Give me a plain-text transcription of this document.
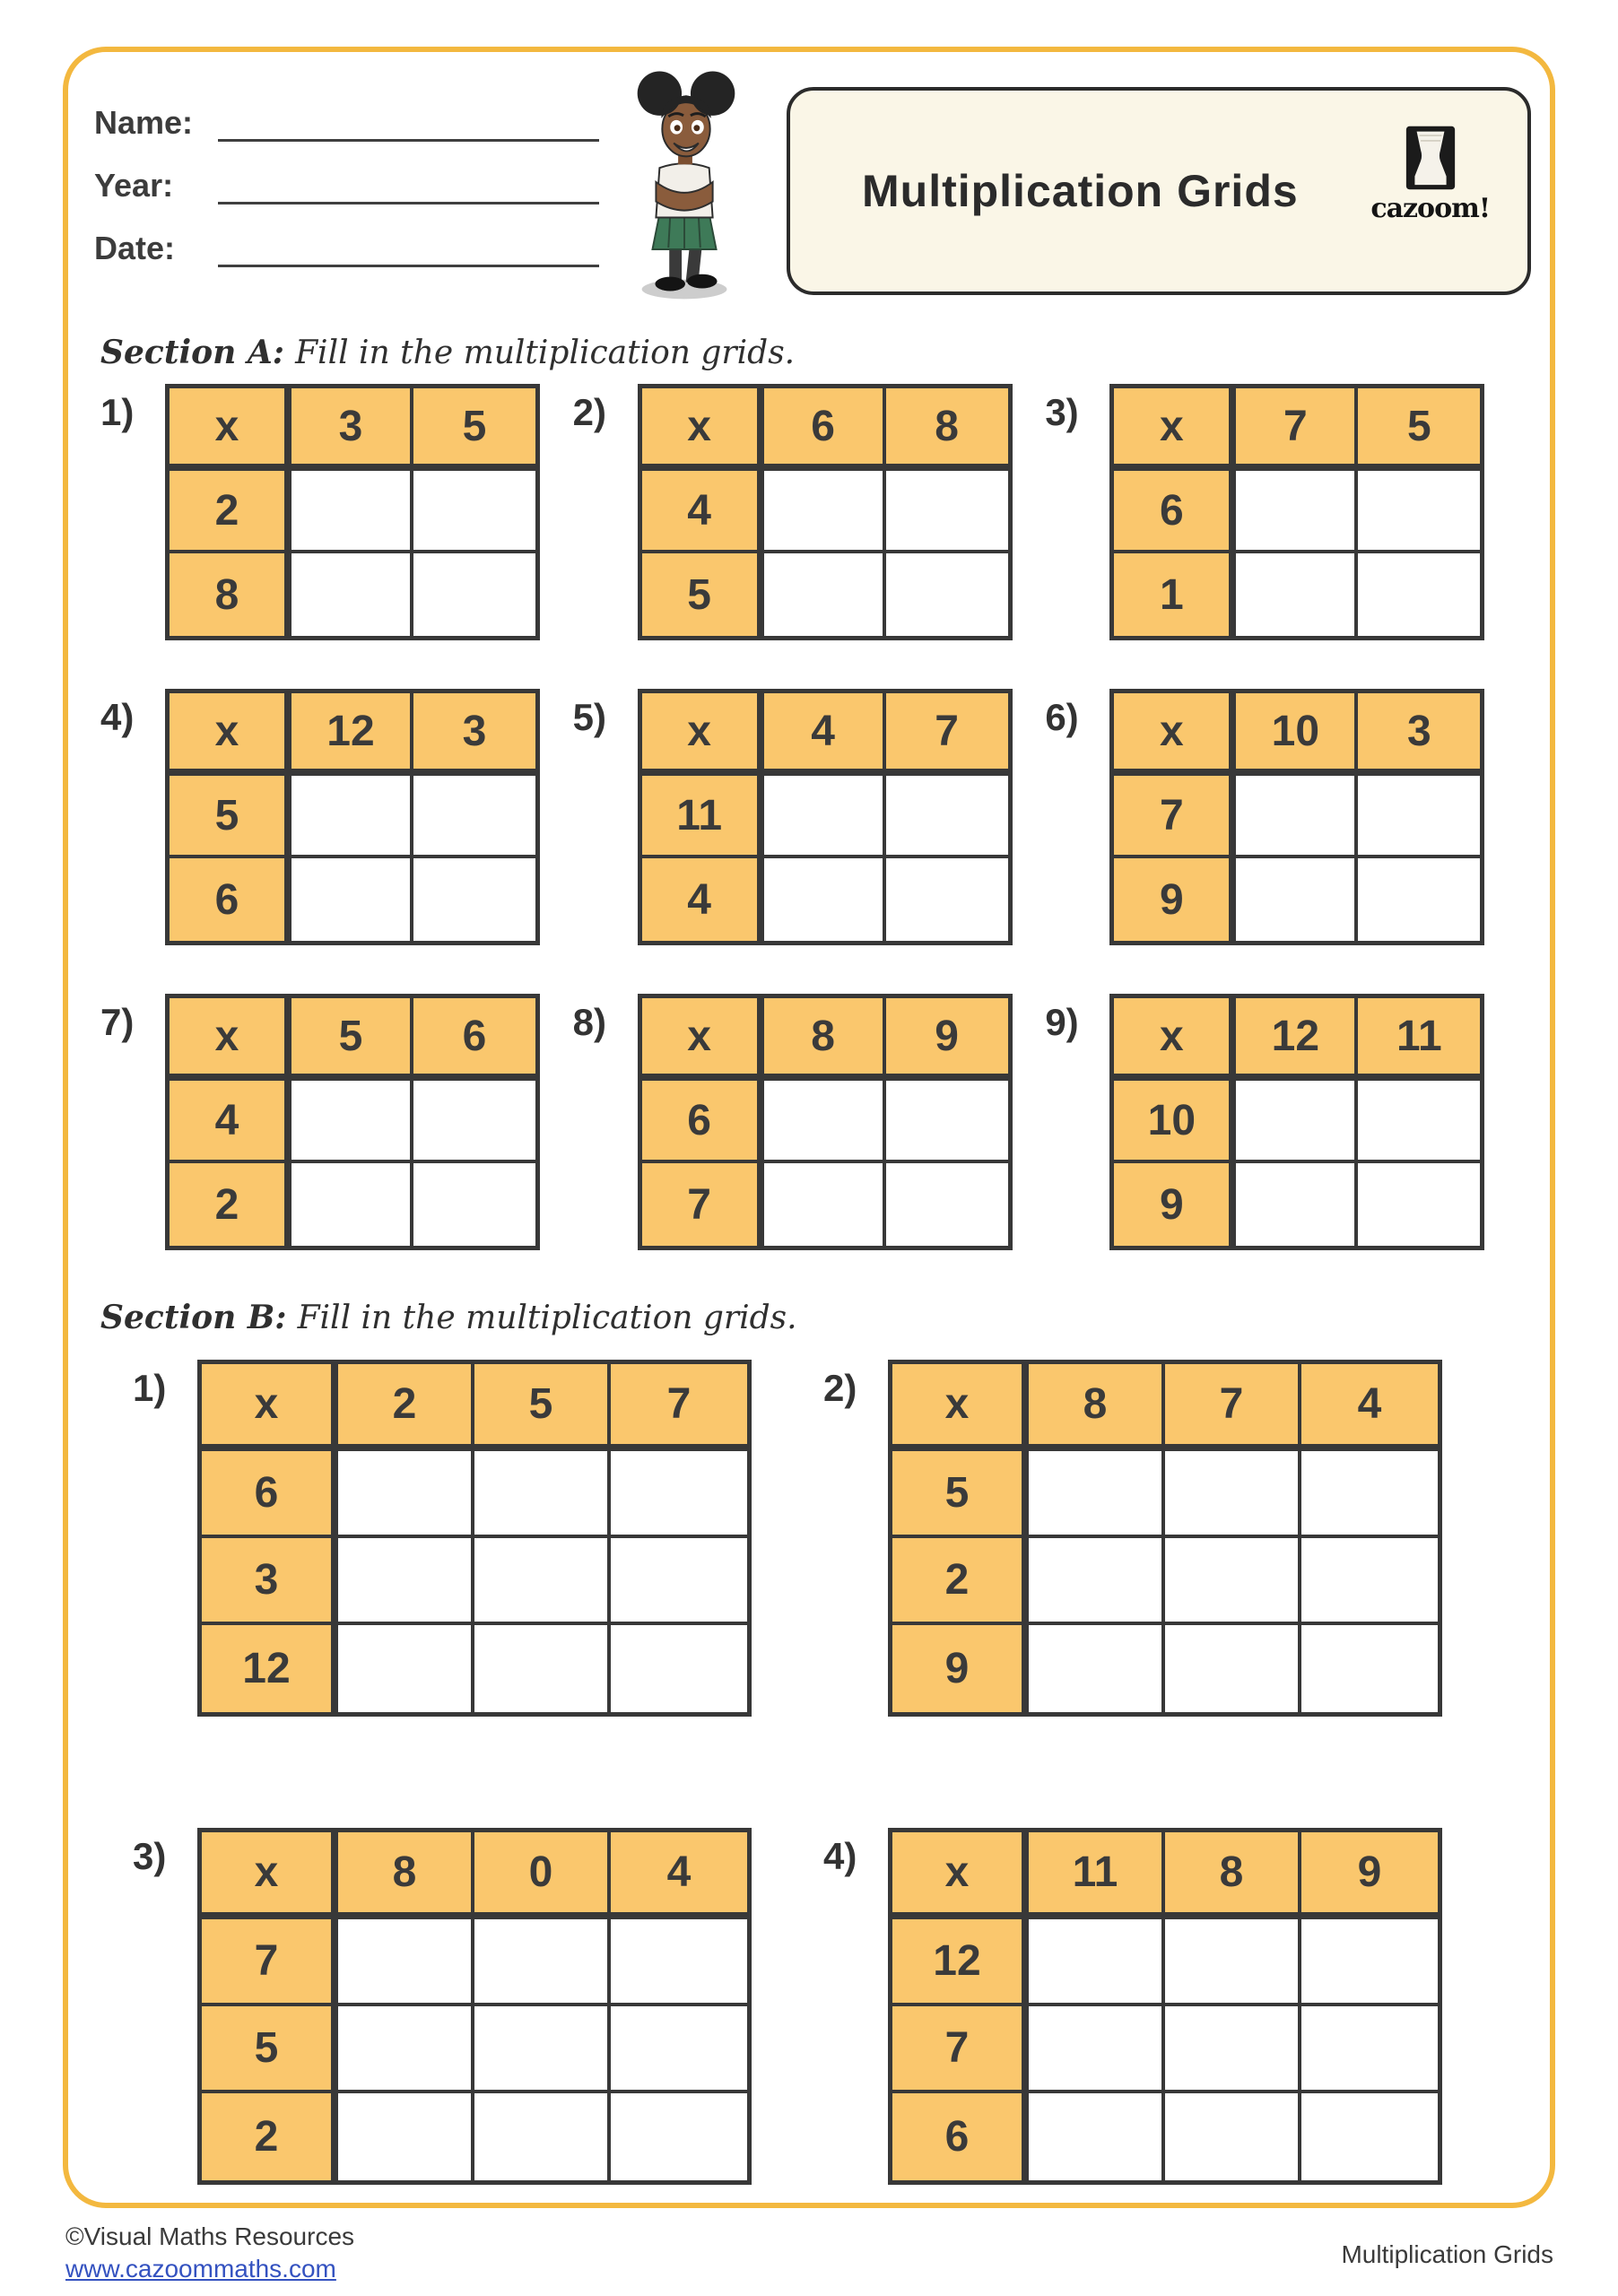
Name:
Year:
Date:
Multiplication Grids	cazoom!
Section A: Fill in the multiplication grids.
1)	x	3	5
2
8
2)	x	6	8
4
5
3)	x	7	5
6
1
4)	x	12	3
5
6
5)	x	4	7
11
4
6)	x	10	3
7
9
7)	x	5	6
4
2
8)	x	8	9
6
7
9)	x	12	11
10
9
Section B: Fill in the multiplication grids.
1)	x	2	5	7
6
3
12
2)	x	8	7	4
5
2
9
3)	x	8	0	4
7
5
2
4)	x	11	8	9
12
7
6
©Visual Maths Resources
www.cazoommaths.com
Multiplication Grids
